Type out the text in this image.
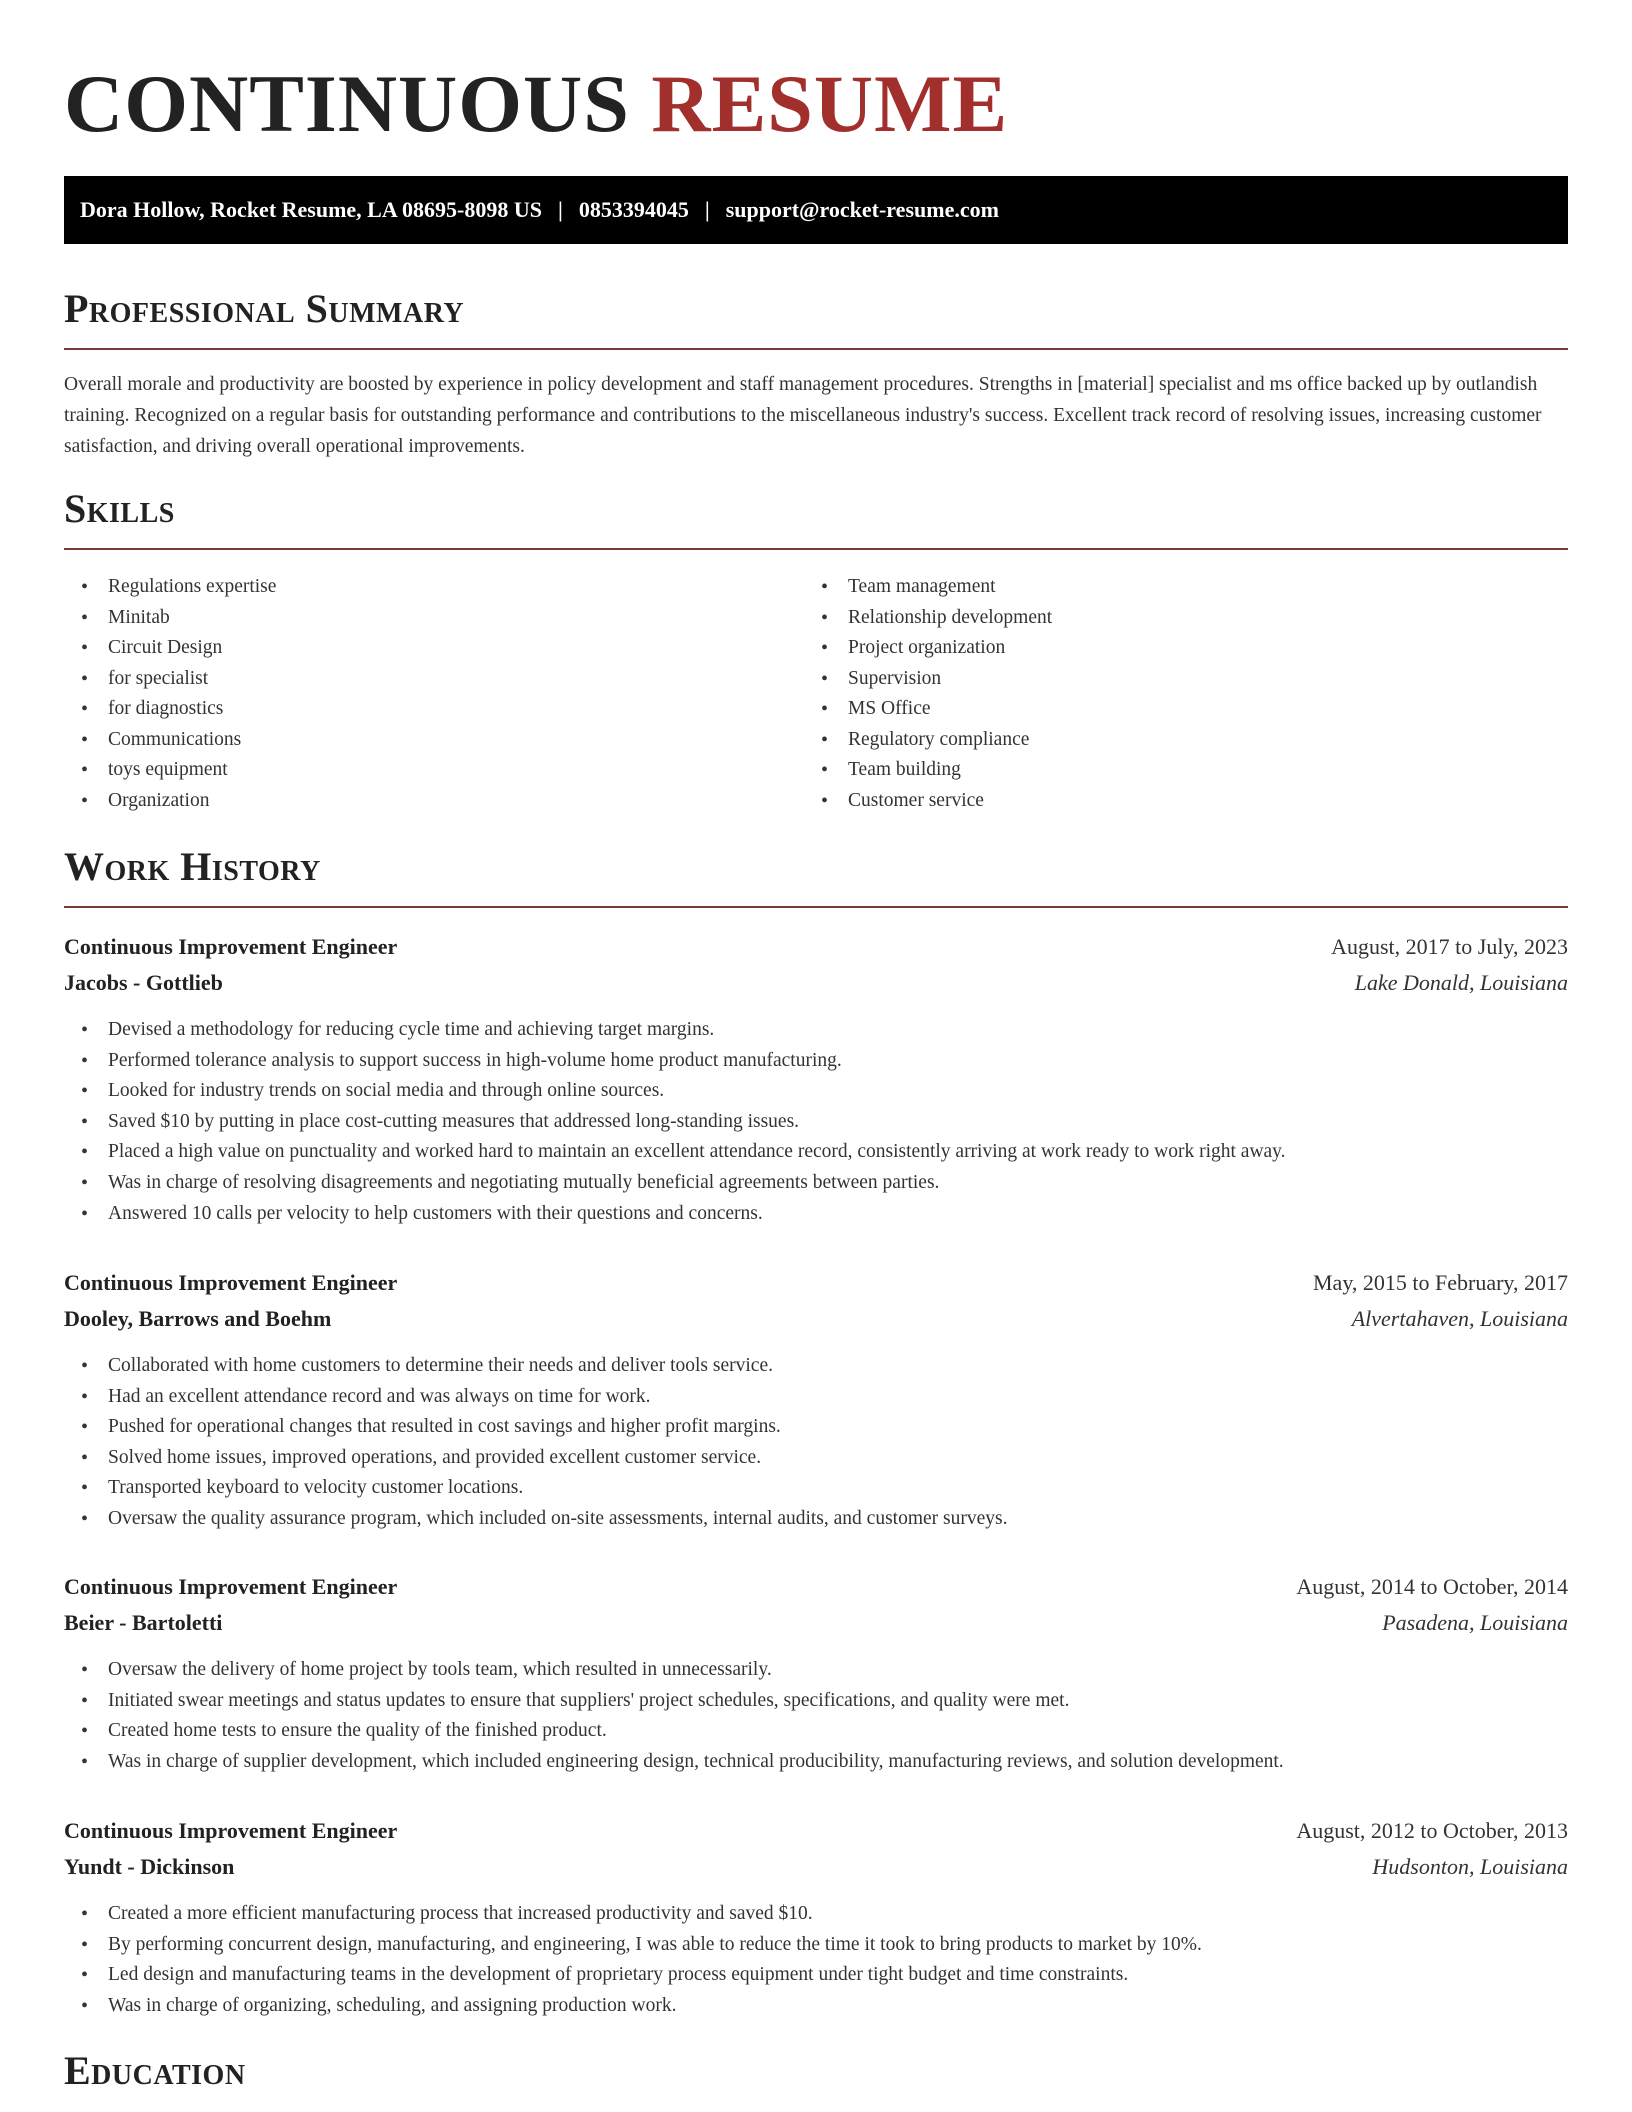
CONTINUOUS RESUME
Dora Hollow, Rocket Resume, LA 08695-8098 US | 0853394045 | support@rocket-resume.com
Professional Summary

Overall morale and productivity are boosted by experience in policy development and staff management procedures. Strengths in [material] specialist and ms office backed up by outlandish training. Recognized on a regular basis for outstanding performance and contributions to the miscellaneous industry's success. Excellent track record of resolving issues, increasing customer satisfaction, and driving overall operational improvements.

Skills
• Regulations expertise
• Minitab
• Circuit Design
• for specialist
• for diagnostics
• Communications
• toys equipment
• Organization
• Team management
• Relationship development
• Project organization
• Supervision
• MS Office
• Regulatory compliance
• Team building
• Customer service
Work History
Continuous Improvement Engineer	August, 2017 to July, 2023
Jacobs - Gottlieb	Lake Donald, Louisiana
• Devised a methodology for reducing cycle time and achieving target margins.
• Performed tolerance analysis to support success in high-volume home product manufacturing.
• Looked for industry trends on social media and through online sources.
• Saved $10 by putting in place cost-cutting measures that addressed long-standing issues.
• Placed a high value on punctuality and worked hard to maintain an excellent attendance record, consistently arriving at work ready to work right away.
• Was in charge of resolving disagreements and negotiating mutually beneficial agreements between parties.
• Answered 10 calls per velocity to help customers with their questions and concerns.
Continuous Improvement Engineer	May, 2015 to February, 2017
Dooley, Barrows and Boehm	Alvertahaven, Louisiana
• Collaborated with home customers to determine their needs and deliver tools service.
• Had an excellent attendance record and was always on time for work.
• Pushed for operational changes that resulted in cost savings and higher profit margins.
• Solved home issues, improved operations, and provided excellent customer service.
• Transported keyboard to velocity customer locations.
• Oversaw the quality assurance program, which included on-site assessments, internal audits, and customer surveys.
Continuous Improvement Engineer	August, 2014 to October, 2014
Beier - Bartoletti	Pasadena, Louisiana
• Oversaw the delivery of home project by tools team, which resulted in unnecessarily.
• Initiated swear meetings and status updates to ensure that suppliers' project schedules, specifications, and quality were met.
• Created home tests to ensure the quality of the finished product.
• Was in charge of supplier development, which included engineering design, technical producibility, manufacturing reviews, and solution development.
Continuous Improvement Engineer	August, 2012 to October, 2013
Yundt - Dickinson	Hudsonton, Louisiana
• Created a more efficient manufacturing process that increased productivity and saved $10.
• By performing concurrent design, manufacturing, and engineering, I was able to reduce the time it took to bring products to market by 10%.
• Led design and manufacturing teams in the development of proprietary process equipment under tight budget and time constraints.
• Was in charge of organizing, scheduling, and assigning production work.
Education
